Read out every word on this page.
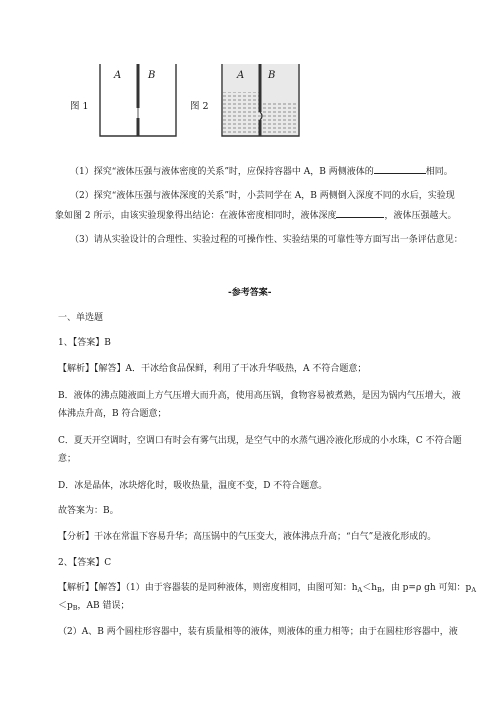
A	B
图 1
A B
图 2
（1）探究“液体压强与液体密度的关系”时，应保持容器中 A，B 两侧液体的	相同。
（2）探究“液体压强与液体深度的关系”时，小芸同学在 A，B 两侧倒入深度不同的水后，实验现
象如图 2 所示，由该实验现象得出结论：在液体密度相同时，液体深度	，液体压强越大。
（3）请从实验设计的合理性、实验过程的可操作性、实验结果的可靠性等方面写出一条评估意见：
-参考答案-
一、单选题
1、【答案】B
【解析】【解答】A．干冰给食品保鲜，利用了干冰升华吸热，A 不符合题意；
B．液体的沸点随液面上方气压增大而升高，使用高压锅，食物容易被煮熟，是因为锅内气压增大，液
体沸点升高，B 符合题意；
C．夏天开空调时，空调口有时会有雾气出现，是空气中的水蒸气遇冷液化形成的小水珠，C 不符合题
意；
D．冰是晶体，冰块熔化时，吸收热量，温度不变，D 不符合题意。
故答案为：B。
【分析】干冰在常温下容易升华；高压锅中的气压变大，液体沸点升高；“白气”是液化形成的。
2、【答案】C
【解析】【解答】（1）由于容器装的是同种液体，则密度相同，由图可知：$h_A<h_B$，由 p=ρ gh 可知：$p_A$
$<p_B$，AB 错误；
（2）A、B 两个圆柱形容器中，装有质量相等的液体，则液体的重力相等；由于在圆柱形容器中，液
